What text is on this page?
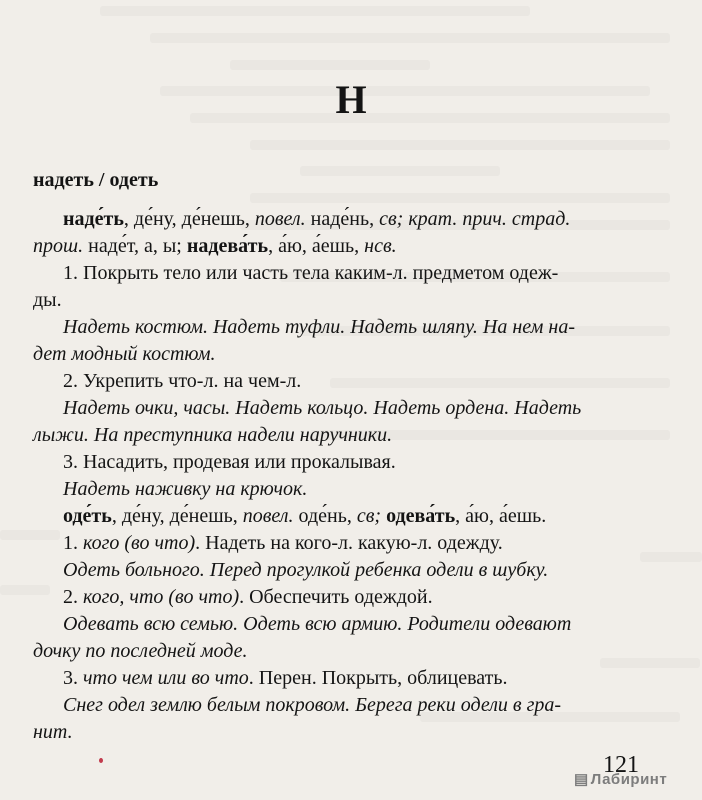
Н
надеть / одеть
наде́ть, де́ну, де́нешь, повел. наде́нь, св; крат. прич. страд.
прош. наде́т, а, ы; надева́ть, а́ю, а́ешь, нсв.
1. Покрыть тело или часть тела каким-л. предметом одеж-
ды.
Надеть костюм. Надеть туфли. Надеть шляпу. На нем на-
дет модный костюм.
2. Укрепить что-л. на чем-л.
Надеть очки, часы. Надеть кольцо. Надеть ордена. Надеть
лыжи. На преступника надели наручники.
3. Насадить, продевая или прокалывая.
Надеть наживку на крючок.
оде́ть, де́ну, де́нешь, повел. оде́нь, св; одева́ть, а́ю, а́ешь.
1. кого (во что). Надеть на кого-л. какую-л. одежду.
Одеть больного. Перед прогулкой ребенка одели в шубку.
2. кого, что (во что). Обеспечить одеждой.
Одевать всю семью. Одеть всю армию. Родители одевают
дочку по последней моде.
3. что чем или во что. Перен. Покрыть, облицевать.
Снег одел землю белым покровом. Берега реки одели в гра-
нит.
121
▤ Лабиринт
